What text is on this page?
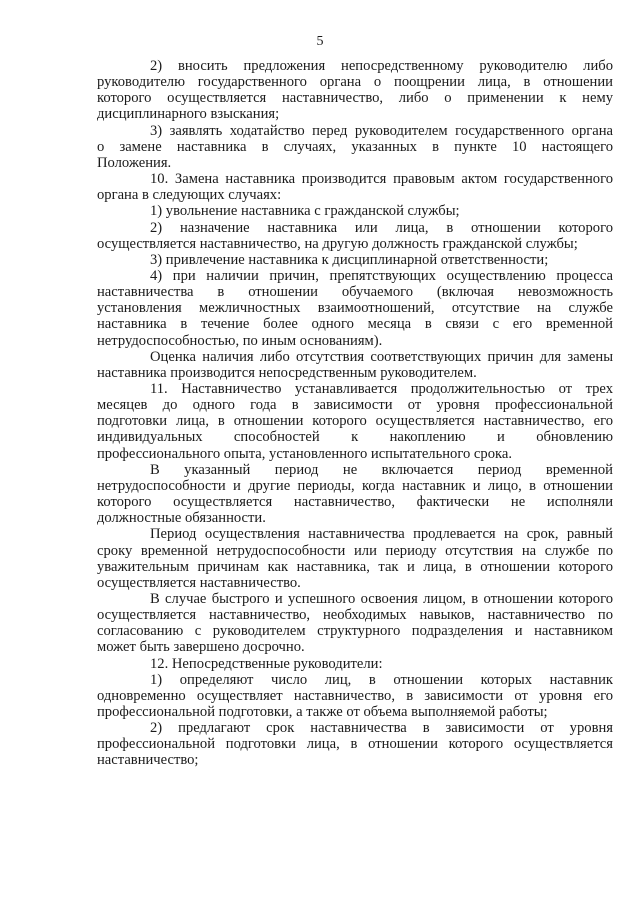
5
2) вносить предложения непосредственному руководителю либо
руководителю государственного органа о поощрении лица, в отношении
которого осуществляется наставничество, либо о применении к нему
дисциплинарного взыскания;
3) заявлять ходатайство перед руководителем государственного органа
о замене наставника в случаях, указанных в пункте 10 настоящего
Положения.
10. Замена наставника производится правовым актом государственного
органа в следующих случаях:
1) увольнение наставника с гражданской службы;
2) назначение наставника или лица, в отношении которого
осуществляется наставничество, на другую должность гражданской службы;
3) привлечение наставника к дисциплинарной ответственности;
4) при наличии причин, препятствующих осуществлению процесса
наставничества в отношении обучаемого (включая невозможность
установления межличностных взаимоотношений, отсутствие на службе
наставника в течение более одного месяца в связи с его временной
нетрудоспособностью, по иным основаниям).
Оценка наличия либо отсутствия соответствующих причин для замены
наставника производится непосредственным руководителем.
11. Наставничество устанавливается продолжительностью от трех
месяцев до одного года в зависимости от уровня профессиональной
подготовки лица, в отношении которого осуществляется наставничество, его
индивидуальных способностей к накоплению и обновлению
профессионального опыта, установленного испытательного срока.
В указанный период не включается период временной
нетрудоспособности и другие периоды, когда наставник и лицо, в отношении
которого осуществляется наставничество, фактически не исполняли
должностные обязанности.
Период осуществления наставничества продлевается на срок, равный
сроку временной нетрудоспособности или периоду отсутствия на службе по
уважительным причинам как наставника, так и лица, в отношении которого
осуществляется наставничество.
В случае быстрого и успешного освоения лицом, в отношении которого
осуществляется наставничество, необходимых навыков, наставничество по
согласованию с руководителем структурного подразделения и наставником
может быть завершено досрочно.
12. Непосредственные руководители:
1) определяют число лиц, в отношении которых наставник
одновременно осуществляет наставничество, в зависимости от уровня его
профессиональной подготовки, а также от объема выполняемой работы;
2) предлагают срок наставничества в зависимости от уровня
профессиональной подготовки лица, в отношении которого осуществляется
наставничество;
